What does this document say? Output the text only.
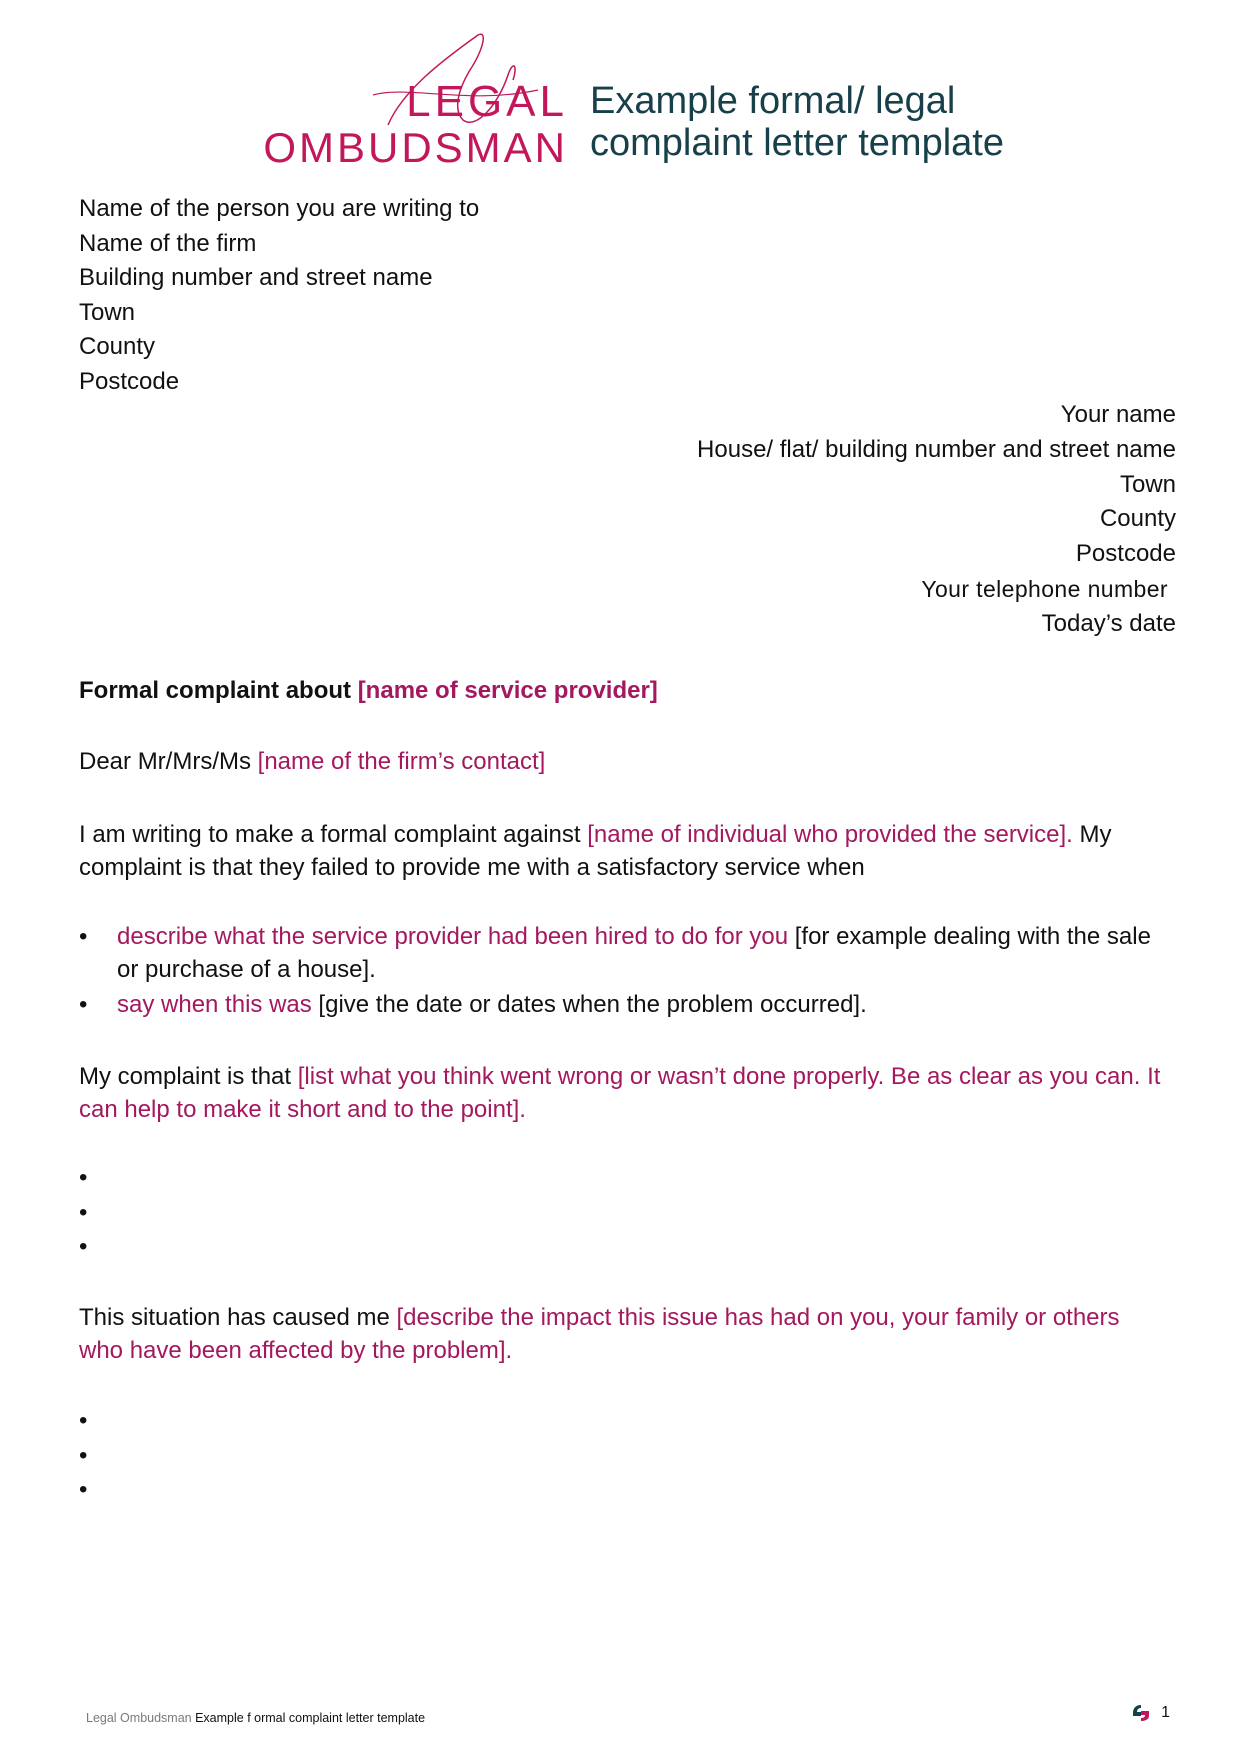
LEGAL
OMBUDSMAN
Example formal/ legal
complaint letter template
Name of the person you are writing to
Name of the firm
Building number and street name
Town
County
Postcode
Your name
House/ flat/ building number and street name
Town
County
Postcode
Your telephone number
Today’s date
Formal complaint about [name of service provider]
Dear Mr/Mrs/Ms [name of the firm’s contact]
I am writing to make a formal complaint against [name of individual who provided the service]. My complaint is that they failed to provide me with a satisfactory service when
• describe what the service provider had been hired to do for you [for example dealing with the sale or purchase of a house].
• say when this was [give the date or dates when the problem occurred].
My complaint is that [list what you think went wrong or wasn’t done properly. Be as clear as you can. It can help to make it short and to the point].
•
•
•
This situation has caused me [describe the impact this issue has had on you, your family or others who have been affected by the problem].
•
•
•
Legal Ombudsman Example f ormal complaint letter template	1
